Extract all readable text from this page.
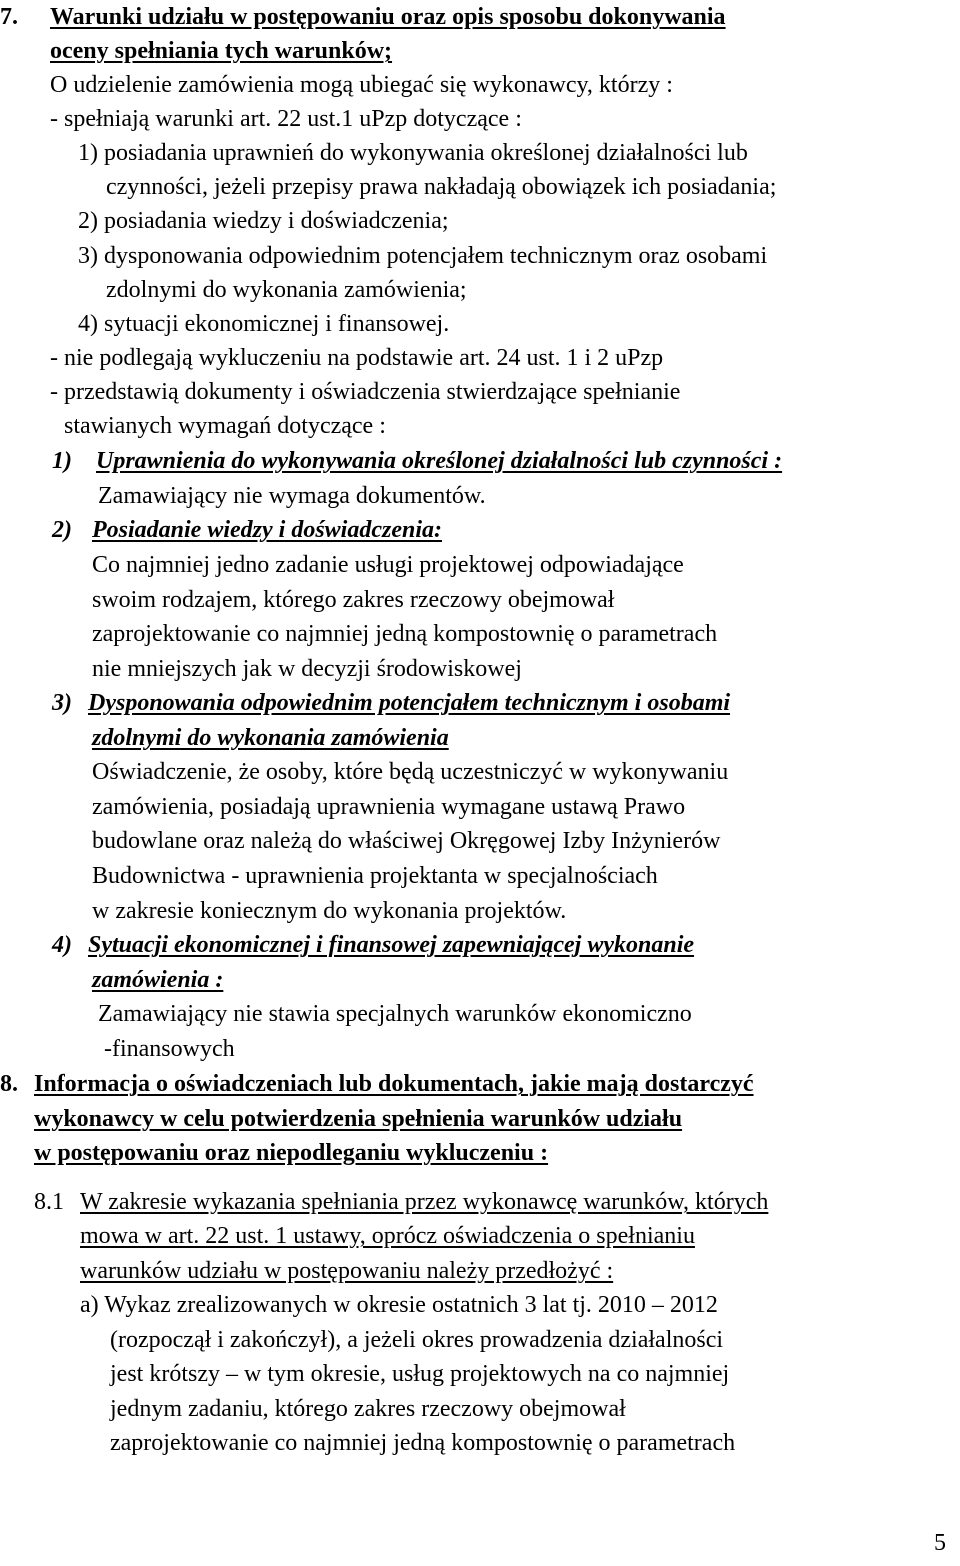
7. Warunki udziału w postępowaniu oraz opis sposobu dokonywania
oceny spełniania tych warunków;
O udzielenie zamówienia mogą ubiegać się wykonawcy, którzy :
- spełniają warunki art. 22 ust.1 uPzp dotyczące :
1) posiadania uprawnień do wykonywania określonej działalności lub
czynności, jeżeli przepisy prawa nakładają obowiązek ich posiadania;
2) posiadania wiedzy i doświadczenia;
3) dysponowania odpowiednim potencjałem technicznym oraz osobami
zdolnymi do wykonania zamówienia;
4) sytuacji ekonomicznej i finansowej.
- nie podlegają wykluczeniu na podstawie art. 24 ust. 1 i 2 uPzp
- przedstawią dokumenty i oświadczenia stwierdzające spełnianie
stawianych wymagań dotyczące :
1) Uprawnienia do wykonywania określonej działalności lub czynności :
Zamawiający nie wymaga dokumentów.
2) Posiadanie wiedzy i doświadczenia:
Co najmniej jedno zadanie usługi projektowej odpowiadające
swoim rodzajem, którego zakres rzeczowy obejmował
zaprojektowanie co najmniej jedną kompostownię o parametrach
nie mniejszych jak w decyzji środowiskowej
3) Dysponowania odpowiednim potencjałem technicznym i osobami
zdolnymi do wykonania zamówienia
Oświadczenie, że osoby, które będą uczestniczyć w wykonywaniu
zamówienia, posiadają uprawnienia wymagane ustawą Prawo
budowlane oraz należą do właściwej Okręgowej Izby Inżynierów
Budownictwa - uprawnienia projektanta w specjalnościach
w zakresie koniecznym do wykonania projektów.
4) Sytuacji ekonomicznej i finansowej zapewniającej wykonanie
zamówienia :
Zamawiający nie stawia specjalnych warunków ekonomiczno
-finansowych
8. Informacja o oświadczeniach lub dokumentach, jakie mają dostarczyć
wykonawcy w celu potwierdzenia spełnienia warunków udziału
w postępowaniu oraz niepodleganiu wykluczeniu :
8.1 W zakresie wykazania spełniania przez wykonawcę warunków, których
mowa w art. 22 ust. 1 ustawy, oprócz oświadczenia o spełnianiu
warunków udziału w postępowaniu należy przedłożyć :
a) Wykaz zrealizowanych w okresie ostatnich 3 lat tj. 2010 – 2012
(rozpoczął i zakończył), a jeżeli okres prowadzenia działalności
jest krótszy – w tym okresie, usług projektowych na co najmniej
jednym zadaniu, którego zakres rzeczowy obejmował
zaprojektowanie co najmniej jedną kompostownię o parametrach
5
